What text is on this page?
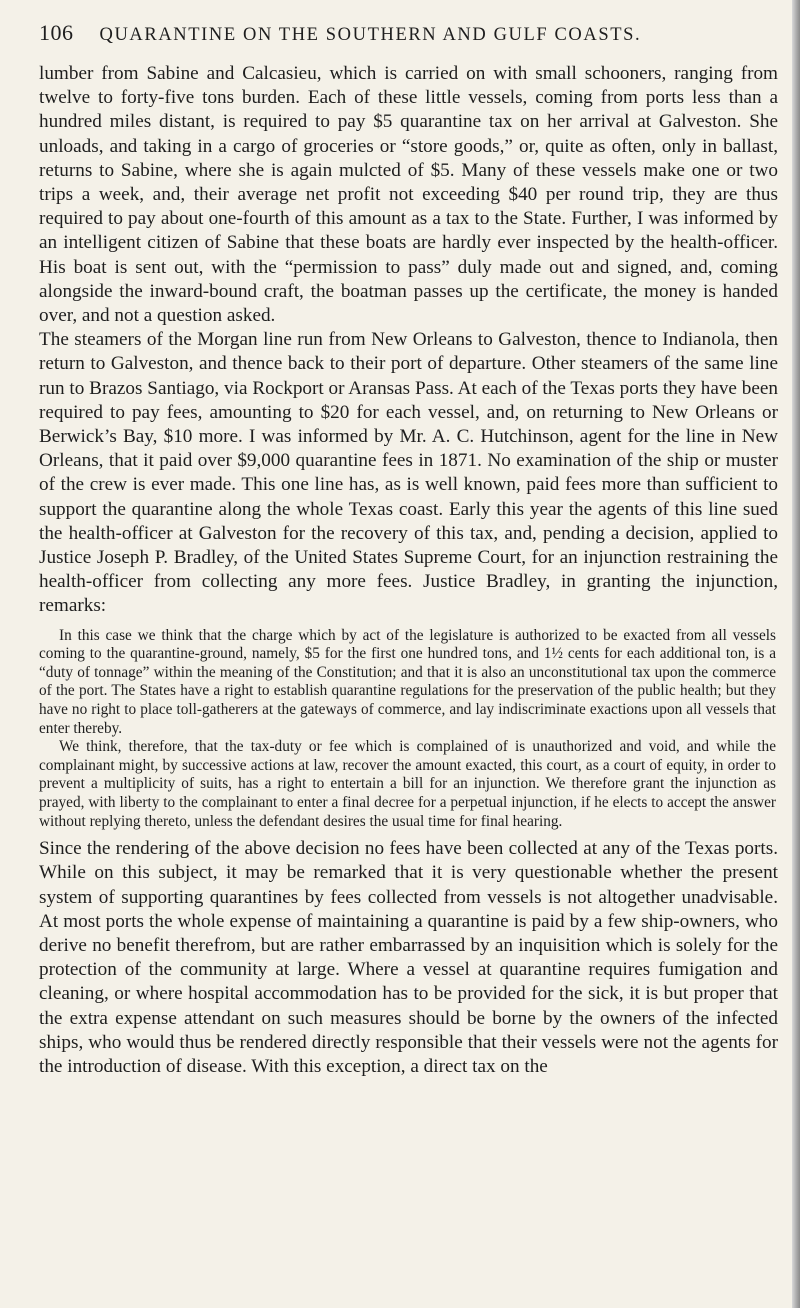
106 QUARANTINE ON THE SOUTHERN AND GULF COASTS.

lumber from Sabine and Calcasieu, which is carried on with small schooners, ranging from twelve to forty-five tons burden. Each of these little vessels, coming from ports less than a hundred miles distant, is required to pay $5 quarantine tax on her arrival at Galveston. She unloads, and taking in a cargo of groceries or “store goods,” or, quite as often, only in ballast, returns to Sabine, where she is again mulcted of $5. Many of these vessels make one or two trips a week, and, their average net profit not exceeding $40 per round trip, they are thus required to pay about one-fourth of this amount as a tax to the State. Further, I was informed by an intelligent citizen of Sabine that these boats are hardly ever inspected by the health-officer. His boat is sent out, with the “permission to pass” duly made out and signed, and, coming alongside the inward-bound craft, the boatman passes up the certificate, the money is handed over, and not a question asked.

The steamers of the Morgan line run from New Orleans to Galveston, thence to Indianola, then return to Galveston, and thence back to their port of departure. Other steamers of the same line run to Brazos Santiago, via Rockport or Aransas Pass. At each of the Texas ports they have been required to pay fees, amounting to $20 for each vessel, and, on returning to New Orleans or Berwick’s Bay, $10 more. I was informed by Mr. A. C. Hutchinson, agent for the line in New Orleans, that it paid over $9,000 quarantine fees in 1871. No examination of the ship or muster of the crew is ever made. This one line has, as is well known, paid fees more than sufficient to support the quarantine along the whole Texas coast. Early this year the agents of this line sued the health-officer at Galveston for the recovery of this tax, and, pending a decision, applied to Justice Joseph P. Bradley, of the United States Supreme Court, for an injunction restraining the health-officer from collecting any more fees. Justice Bradley, in granting the injunction, remarks:

In this case we think that the charge which by act of the legislature is authorized to be exacted from all vessels coming to the quarantine-ground, namely, $5 for the first one hundred tons, and 1½ cents for each additional ton, is a “duty of tonnage” within the meaning of the Constitution; and that it is also an unconstitutional tax upon the commerce of the port. The States have a right to establish quarantine regulations for the preservation of the public health; but they have no right to place toll-gatherers at the gateways of commerce, and lay indiscriminate exactions upon all vessels that enter thereby.

We think, therefore, that the tax-duty or fee which is complained of is unauthorized and void, and while the complainant might, by successive actions at law, recover the amount exacted, this court, as a court of equity, in order to prevent a multiplicity of suits, has a right to entertain a bill for an injunction. We therefore grant the injunction as prayed, with liberty to the complainant to enter a final decree for a perpetual injunction, if he elects to accept the answer without replying thereto, unless the defendant desires the usual time for final hearing.

Since the rendering of the above decision no fees have been collected at any of the Texas ports. While on this subject, it may be remarked that it is very questionable whether the present system of supporting quarantines by fees collected from vessels is not altogether unadvisable. At most ports the whole expense of maintaining a quarantine is paid by a few ship-owners, who derive no benefit therefrom, but are rather embarrassed by an inquisition which is solely for the protection of the community at large. Where a vessel at quarantine requires fumigation and cleaning, or where hospital accommodation has to be provided for the sick, it is but proper that the extra expense attendant on such measures should be borne by the owners of the infected ships, who would thus be rendered directly responsible that their vessels were not the agents for the introduction of disease. With this exception, a direct tax on the
